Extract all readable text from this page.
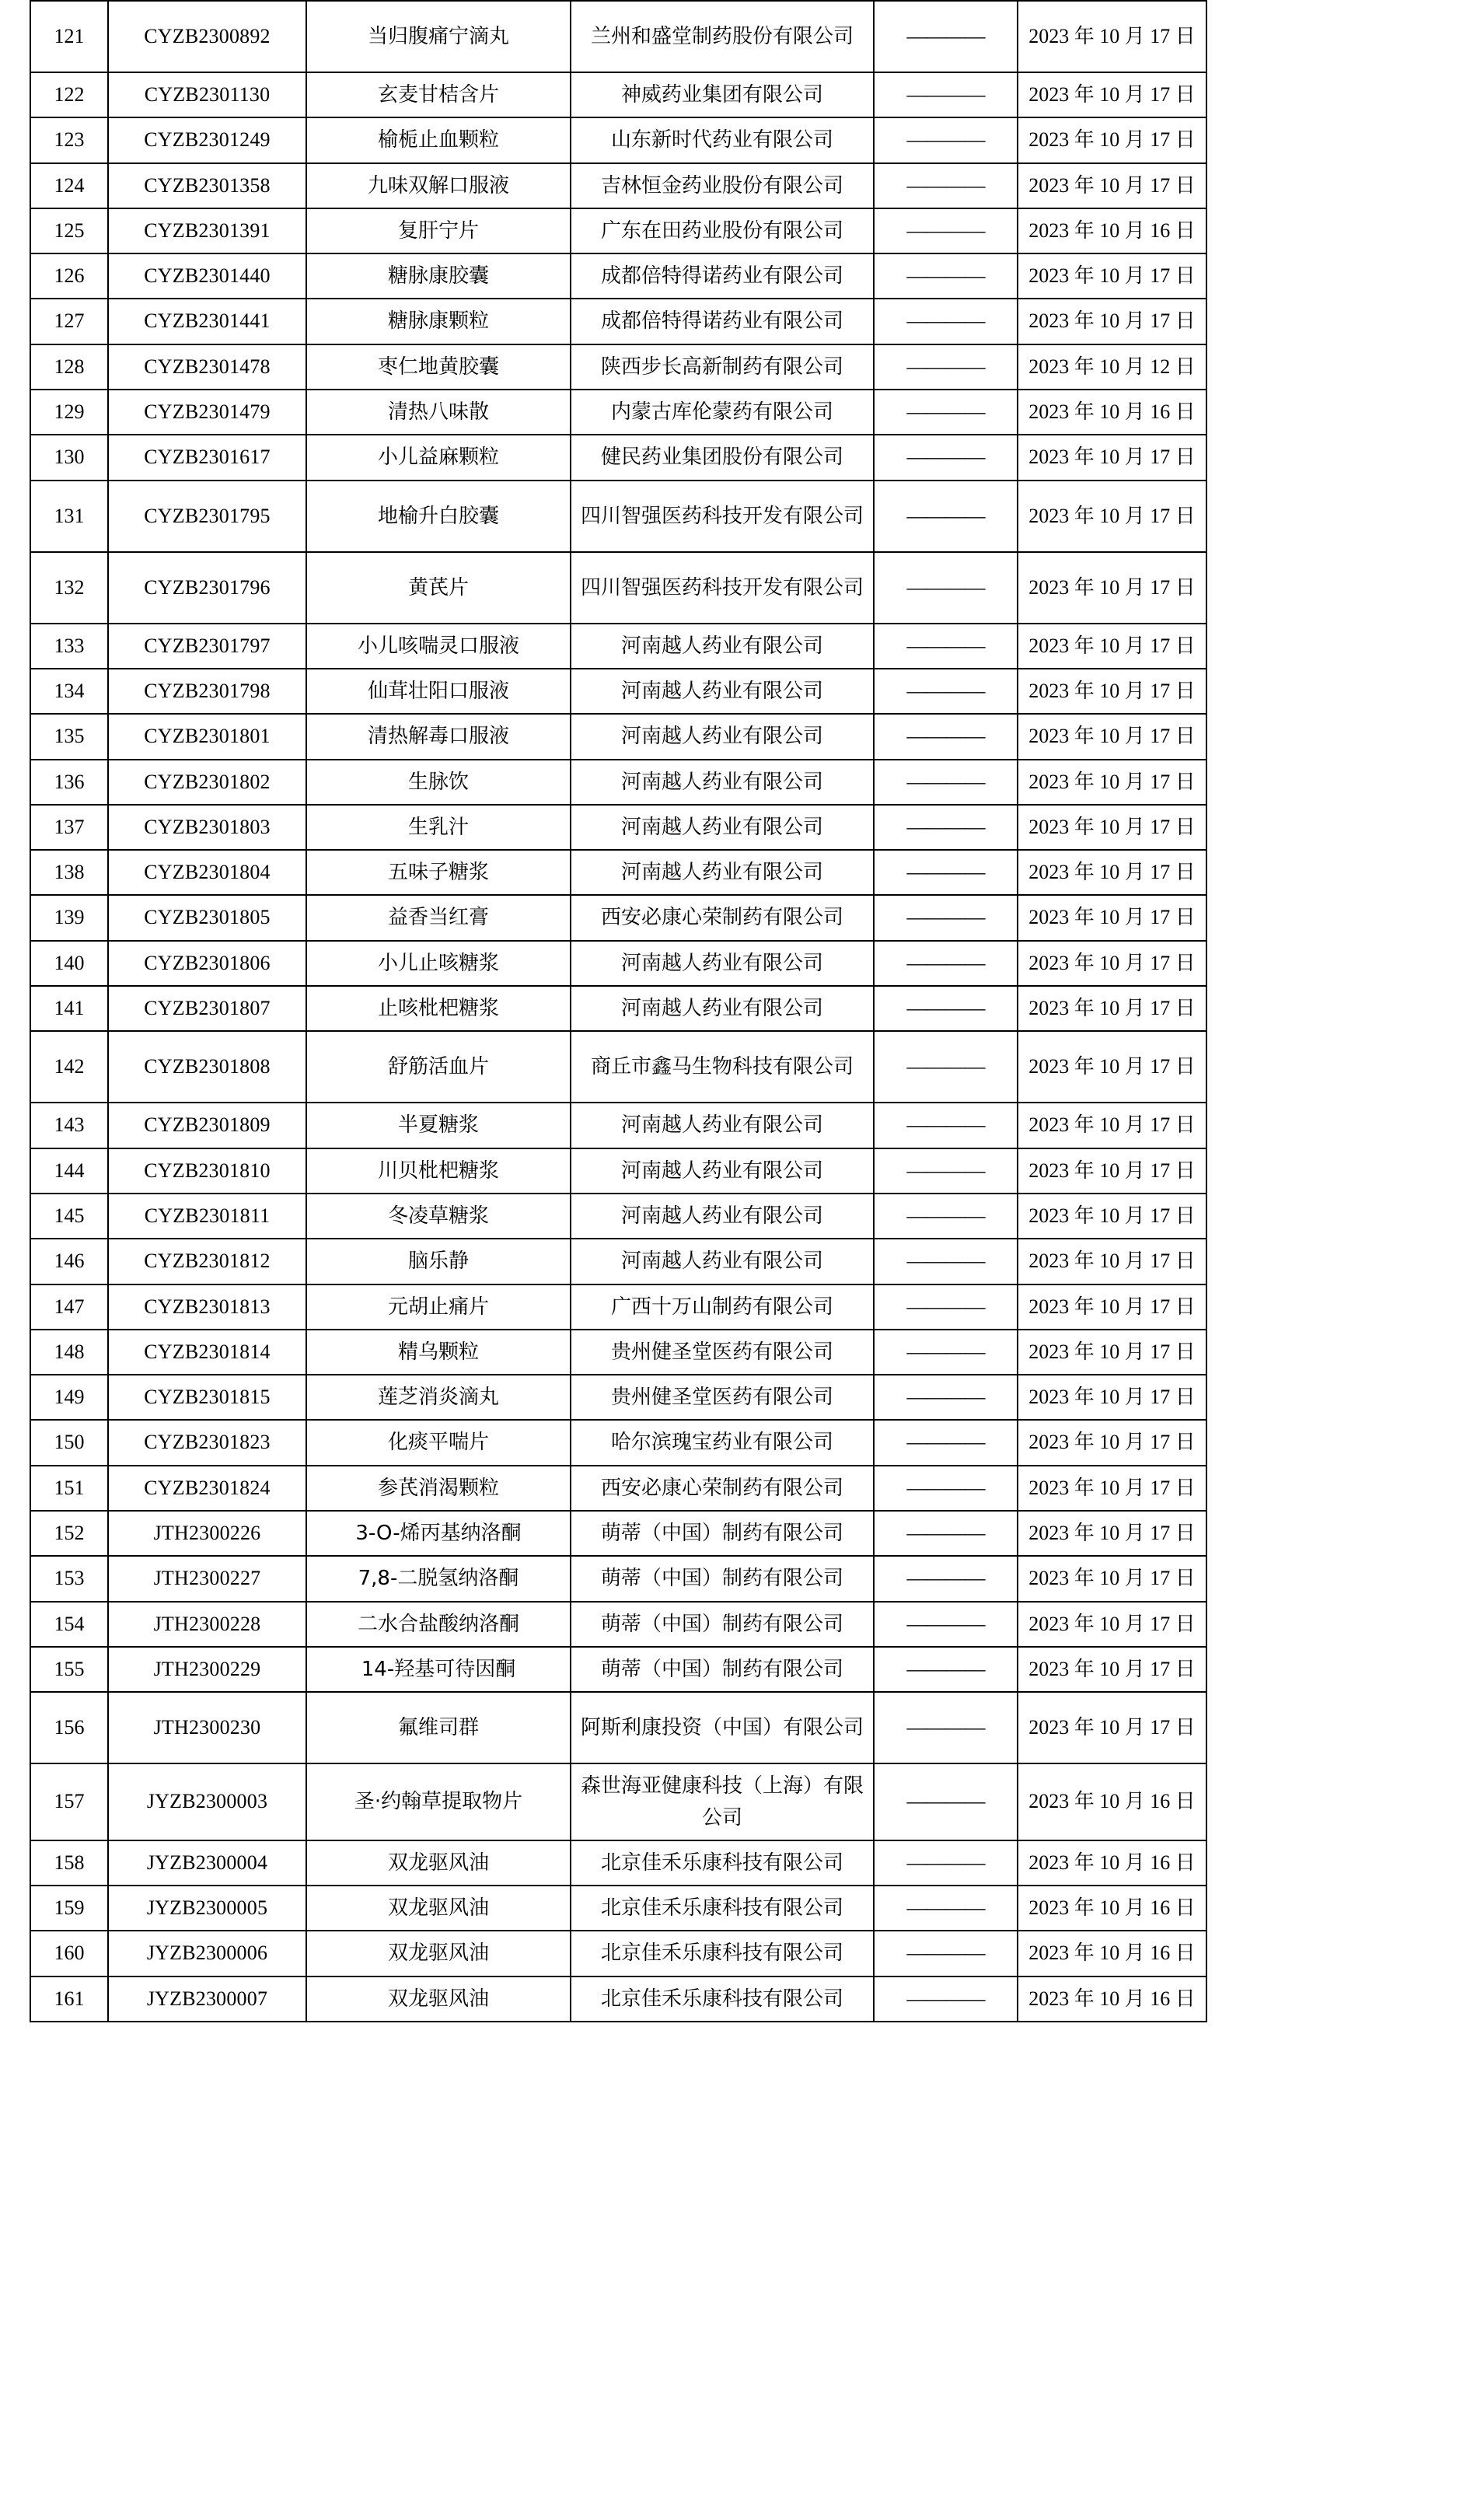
121	CYZB2300892	当归腹痛宁滴丸	兰州和盛堂制药股份有限公司	————	2023 年 10 月 17 日
122	CYZB2301130	玄麦甘桔含片	神威药业集团有限公司	————	2023 年 10 月 17 日
123	CYZB2301249	榆栀止血颗粒	山东新时代药业有限公司	————	2023 年 10 月 17 日
124	CYZB2301358	九味双解口服液	吉林恒金药业股份有限公司	————	2023 年 10 月 17 日
125	CYZB2301391	复肝宁片	广东在田药业股份有限公司	————	2023 年 10 月 16 日
126	CYZB2301440	糖脉康胶囊	成都倍特得诺药业有限公司	————	2023 年 10 月 17 日
127	CYZB2301441	糖脉康颗粒	成都倍特得诺药业有限公司	————	2023 年 10 月 17 日
128	CYZB2301478	枣仁地黄胶囊	陕西步长高新制药有限公司	————	2023 年 10 月 12 日
129	CYZB2301479	清热八味散	内蒙古库伦蒙药有限公司	————	2023 年 10 月 16 日
130	CYZB2301617	小儿益麻颗粒	健民药业集团股份有限公司	————	2023 年 10 月 17 日
131	CYZB2301795	地榆升白胶囊	四川智强医药科技开发有限公司	————	2023 年 10 月 17 日
132	CYZB2301796	黄芪片	四川智强医药科技开发有限公司	————	2023 年 10 月 17 日
133	CYZB2301797	小儿咳喘灵口服液	河南越人药业有限公司	————	2023 年 10 月 17 日
134	CYZB2301798	仙茸壮阳口服液	河南越人药业有限公司	————	2023 年 10 月 17 日
135	CYZB2301801	清热解毒口服液	河南越人药业有限公司	————	2023 年 10 月 17 日
136	CYZB2301802	生脉饮	河南越人药业有限公司	————	2023 年 10 月 17 日
137	CYZB2301803	生乳汁	河南越人药业有限公司	————	2023 年 10 月 17 日
138	CYZB2301804	五味子糖浆	河南越人药业有限公司	————	2023 年 10 月 17 日
139	CYZB2301805	益香当红膏	西安必康心荣制药有限公司	————	2023 年 10 月 17 日
140	CYZB2301806	小儿止咳糖浆	河南越人药业有限公司	————	2023 年 10 月 17 日
141	CYZB2301807	止咳枇杷糖浆	河南越人药业有限公司	————	2023 年 10 月 17 日
142	CYZB2301808	舒筋活血片	商丘市鑫马生物科技有限公司	————	2023 年 10 月 17 日
143	CYZB2301809	半夏糖浆	河南越人药业有限公司	————	2023 年 10 月 17 日
144	CYZB2301810	川贝枇杷糖浆	河南越人药业有限公司	————	2023 年 10 月 17 日
145	CYZB2301811	冬凌草糖浆	河南越人药业有限公司	————	2023 年 10 月 17 日
146	CYZB2301812	脑乐静	河南越人药业有限公司	————	2023 年 10 月 17 日
147	CYZB2301813	元胡止痛片	广西十万山制药有限公司	————	2023 年 10 月 17 日
148	CYZB2301814	精乌颗粒	贵州健圣堂医药有限公司	————	2023 年 10 月 17 日
149	CYZB2301815	莲芝消炎滴丸	贵州健圣堂医药有限公司	————	2023 年 10 月 17 日
150	CYZB2301823	化痰平喘片	哈尔滨瑰宝药业有限公司	————	2023 年 10 月 17 日
151	CYZB2301824	参芪消渴颗粒	西安必康心荣制药有限公司	————	2023 年 10 月 17 日
152	JTH2300226	3-O-烯丙基纳洛酮	萌蒂（中国）制药有限公司	————	2023 年 10 月 17 日
153	JTH2300227	7,8-二脱氢纳洛酮	萌蒂（中国）制药有限公司	————	2023 年 10 月 17 日
154	JTH2300228	二水合盐酸纳洛酮	萌蒂（中国）制药有限公司	————	2023 年 10 月 17 日
155	JTH2300229	14-羟基可待因酮	萌蒂（中国）制药有限公司	————	2023 年 10 月 17 日
156	JTH2300230	氟维司群	阿斯利康投资（中国）有限公司	————	2023 年 10 月 17 日
157	JYZB2300003	圣·约翰草提取物片	森世海亚健康科技（上海）有限公司	————	2023 年 10 月 16 日
158	JYZB2300004	双龙驱风油	北京佳禾乐康科技有限公司	————	2023 年 10 月 16 日
159	JYZB2300005	双龙驱风油	北京佳禾乐康科技有限公司	————	2023 年 10 月 16 日
160	JYZB2300006	双龙驱风油	北京佳禾乐康科技有限公司	————	2023 年 10 月 16 日
161	JYZB2300007	双龙驱风油	北京佳禾乐康科技有限公司	————	2023 年 10 月 16 日
